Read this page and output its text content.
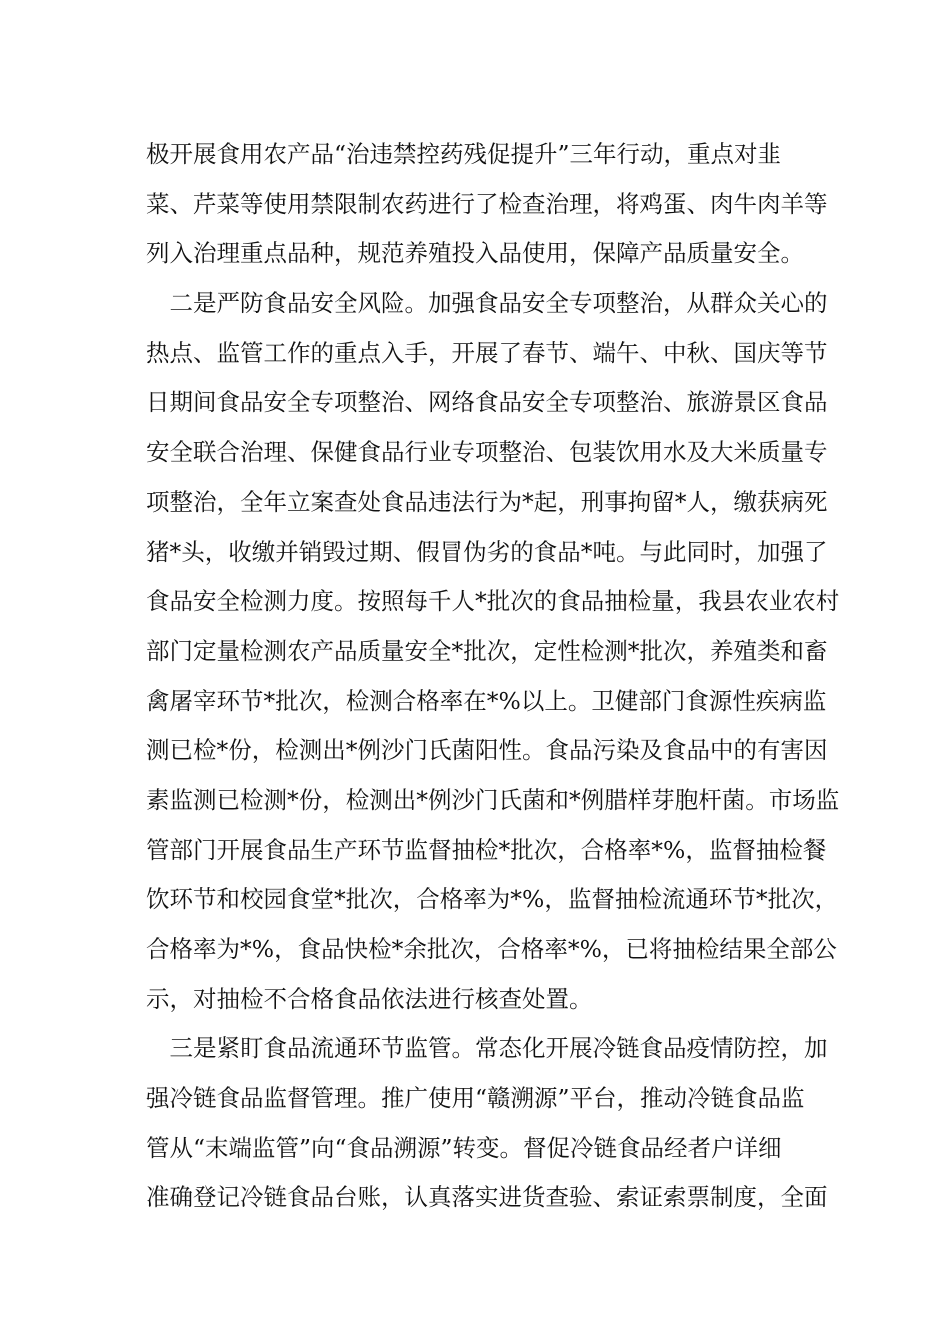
极开展食用农产品“治违禁控药残促提升”三年行动，重点对韭
菜、芹菜等使用禁限制农药进行了检查治理，将鸡蛋、肉牛肉羊等
列入治理重点品种，规范养殖投入品使用，保障产品质量安全。
　二是严防食品安全风险。加强食品安全专项整治，从群众关心的
热点、监管工作的重点入手，开展了春节、端午、中秋、国庆等节
日期间食品安全专项整治、网络食品安全专项整治、旅游景区食品
安全联合治理、保健食品行业专项整治、包装饮用水及大米质量专
项整治，全年立案查处食品违法行为*起，刑事拘留*人，缴获病死
猪*头，收缴并销毁过期、假冒伪劣的食品*吨。与此同时，加强了
食品安全检测力度。按照每千人*批次的食品抽检量，我县农业农村
部门定量检测农产品质量安全*批次，定性检测*批次，养殖类和畜
禽屠宰环节*批次，检测合格率在*%以上。卫健部门食源性疾病监
测已检*份，检测出*例沙门氏菌阳性。食品污染及食品中的有害因
素监测已检测*份，检测出*例沙门氏菌和*例腊样芽胞杆菌。市场监
管部门开展食品生产环节监督抽检*批次，合格率*%，监督抽检餐
饮环节和校园食堂*批次，合格率为*%，监督抽检流通环节*批次，
合格率为*%，食品快检*余批次，合格率*%，已将抽检结果全部公
示，对抽检不合格食品依法进行核查处置。
　三是紧盯食品流通环节监管。常态化开展冷链食品疫情防控，加
强冷链食品监督管理。推广使用“赣溯源”平台，推动冷链食品监
管从“末端监管”向“食品溯源”转变。督促冷链食品经者户详细
准确登记冷链食品台账，认真落实进货查验、索证索票制度，全面
